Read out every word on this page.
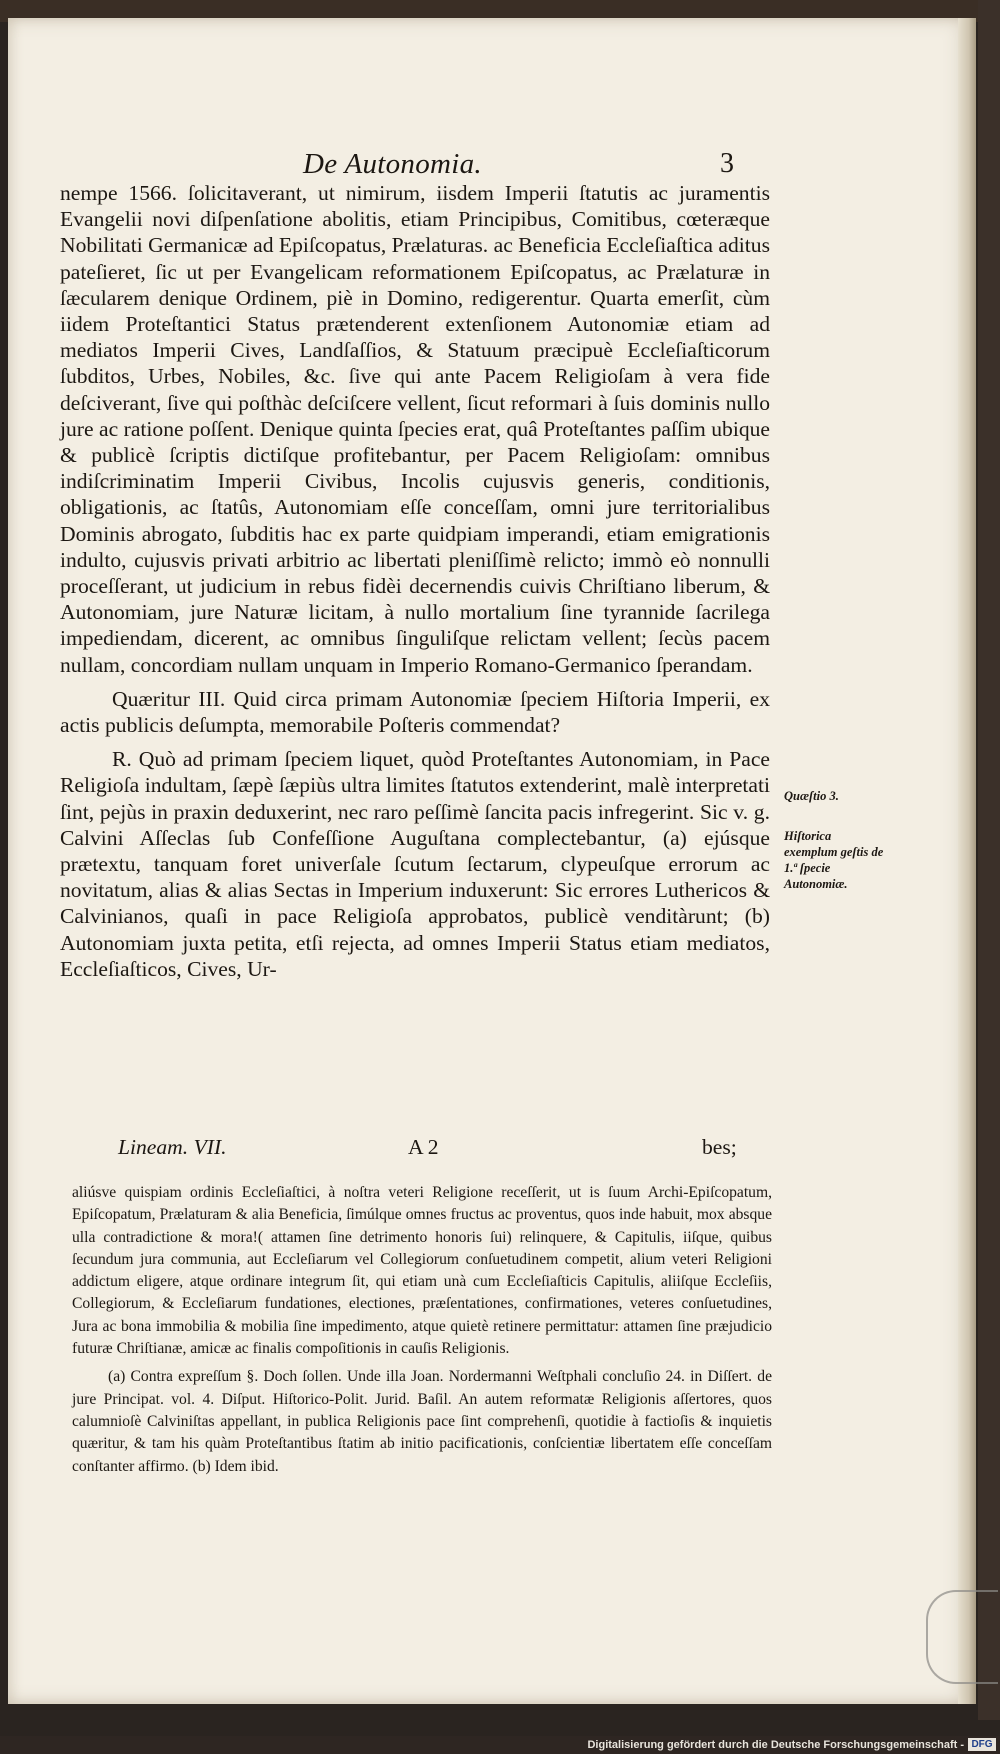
De Autonomia.	3

nempe 1566. ſolicitaverant, ut nimirum, iisdem Imperii ſtatutis ac juramentis Evangelii novi diſpenſatione abolitis, etiam Principibus, Comitibus, cœteræque Nobilitati Germanicæ ad Epiſcopatus, Prælaturas. ac Beneficia Eccleſiaſtica aditus pateſieret, ſic ut per Evangelicam reformationem Epiſcopatus, ac Prælaturæ in ſæcularem denique Ordinem, piè in Domino, redigerentur. Quarta emerſit, cùm iidem Proteſtantici Status prætenderent extenſionem Autonomiæ etiam ad mediatos Imperii Cives, Landſaſſios, & Statuum præcipuè Eccleſiaſticorum ſubditos, Urbes, Nobiles, &c. ſive qui ante Pacem Religioſam à vera fide deſciverant, ſive qui poſthàc deſciſcere vellent, ſicut reformari à ſuis dominis nullo jure ac ratione poſſent. Denique quinta ſpecies erat, quâ Proteſtantes paſſim ubique & publicè ſcriptis dictiſque profitebantur, per Pacem Religioſam: omnibus indiſcriminatim Imperii Civibus, Incolis cujusvis generis, conditionis, obligationis, ac ſtatûs, Autonomiam eſſe conceſſam, omni jure territorialibus Dominis abrogato, ſubditis hac ex parte quidpiam imperandi, etiam emigrationis indulto, cujusvis privati arbitrio ac libertati pleniſſimè relicto; immò eò nonnulli proceſſerant, ut judicium in rebus fidèi decernendis cuivis Chriſtiano liberum, & Autonomiam, jure Naturæ licitam, à nullo mortalium ſine tyrannide ſacrilega impediendam, dicerent, ac omnibus ſinguliſque relictam vellent; ſecùs pacem nullam, concordiam nullam unquam in Imperio Romano-Germanico ſperandam.

Quæritur III. Quid circa primam Autonomiæ ſpeciem Hiſtoria Imperii, ex actis publicis deſumpta, memorabile Poſteris commendat?

R. Quò ad primam ſpeciem liquet, quòd Proteſtantes Autonomiam, in Pace Religioſa indultam, ſæpè ſæpiùs ultra limites ſtatutos extenderint, malè interpretati ſint, pejùs in praxin deduxerint, nec raro peſſimè ſancita pacis infregerint. Sic v. g. Calvini Aſſeclas ſub Confeſſione Auguſtana complectebantur, (a) ejúsque prætextu, tanquam foret univerſale ſcutum ſectarum, clypeuſque errorum ac novitatum, alias & alias Sectas in Imperium induxerunt: Sic errores Luthericos & Calvinianos, quaſi in pace Religioſa approbatos, publicè venditàrunt; (b) Autonomiam juxta petita, etſi rejecta, ad omnes Imperii Status etiam mediatos, Eccleſiaſticos, Cives, Ur-

Lineam. VII.	A 2	bes;
Quæſtio 3.
Hiſtorica exemplum geſtis de 1.ª ſpecie Autonomiæ.

aliúsve quispiam ordinis Eccleſiaſtici, à noſtra veteri Religione receſſerit, ut is ſuum Archi-Epiſcopatum, Epiſcopatum, Prælaturam & alia Beneficia, ſimúlque omnes fructus ac proventus, quos inde habuit, mox absque ulla contradictione & mora!( attamen ſine detrimento honoris ſui) relinquere, & Capitulis, iiſque, quibus ſecundum jura communia, aut Eccleſiarum vel Collegiorum conſuetudinem competit, alium veteri Religioni addictum eligere, atque ordinare integrum ſit, qui etiam unà cum Eccleſiaſticis Capitulis, aliiſque Eccleſiis, Collegiorum, & Eccleſiarum fundationes, electiones, præſentationes, confirmationes, veteres conſuetudines, Jura ac bona immobilia & mobilia ſine impedimento, atque quietè retinere permittatur: attamen ſine præjudicio futuræ Chriſtianæ, amicæ ac finalis compoſitionis in cauſis Religionis.

(a) Contra expreſſum §. Doch ſollen. Unde illa Joan. Nordermanni Weſtphali concluſio 24. in Diſſert. de jure Principat. vol. 4. Diſput. Hiſtorico-Polit. Jurid. Baſil. An autem reformatæ Religionis aſſertores, quos calumnioſè Calviniſtas appellant, in publica Religionis pace ſint comprehenſi, quotidie à factioſis & inquietis quæritur, & tam his quàm Proteſtantibus ſtatim ab initio pacificationis, conſcientiæ libertatem eſſe conceſſam conſtanter affirmo. (b) Idem ibid.

Digitalisierung gefördert durch die Deutsche Forschungsgemeinschaft - DFG
